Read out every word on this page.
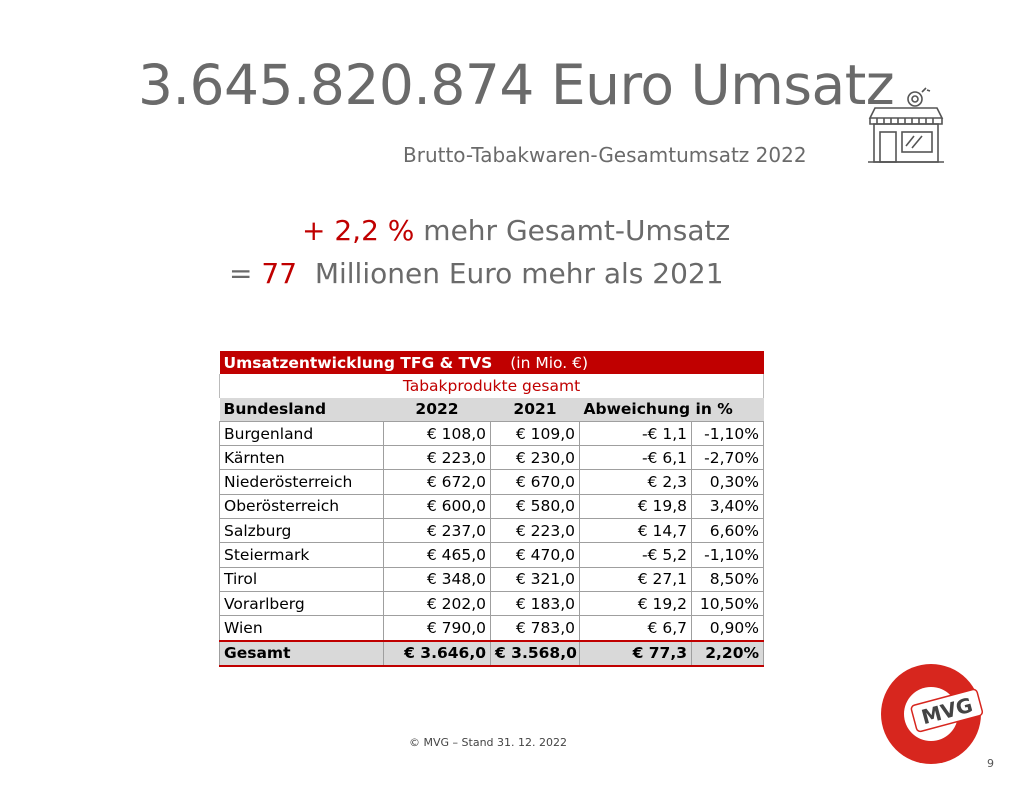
3.645.820.874 Euro Umsatz
Brutto-Tabakwaren-Gesamtumsatz 2022
+ 2,2 % mehr Gesamt-Umsatz
= 77  Millionen Euro mehr als 2021
Umsatzentwicklung TFG & TVS (in Mio. €)				
Tabakprodukte gesamt				
Bundesland	2022	2021	Abweichung	in %
Burgenland	€ 108,0	€ 109,0	-€ 1,1	-1,10%
Kärnten	€ 223,0	€ 230,0	-€ 6,1	-2,70%
Niederösterreich	€ 672,0	€ 670,0	€ 2,3	0,30%
Oberösterreich	€ 600,0	€ 580,0	€ 19,8	3,40%
Salzburg	€ 237,0	€ 223,0	€ 14,7	6,60%
Steiermark	€ 465,0	€ 470,0	-€ 5,2	-1,10%
Tirol	€ 348,0	€ 321,0	€ 27,1	8,50%
Vorarlberg	€ 202,0	€ 183,0	€ 19,2	10,50%
Wien	€ 790,0	€ 783,0	€ 6,7	0,90%
Gesamt	€ 3.646,0	€ 3.568,0	€ 77,3	2,20%
© MVG – Stand 31. 12. 2022
MVG
9
